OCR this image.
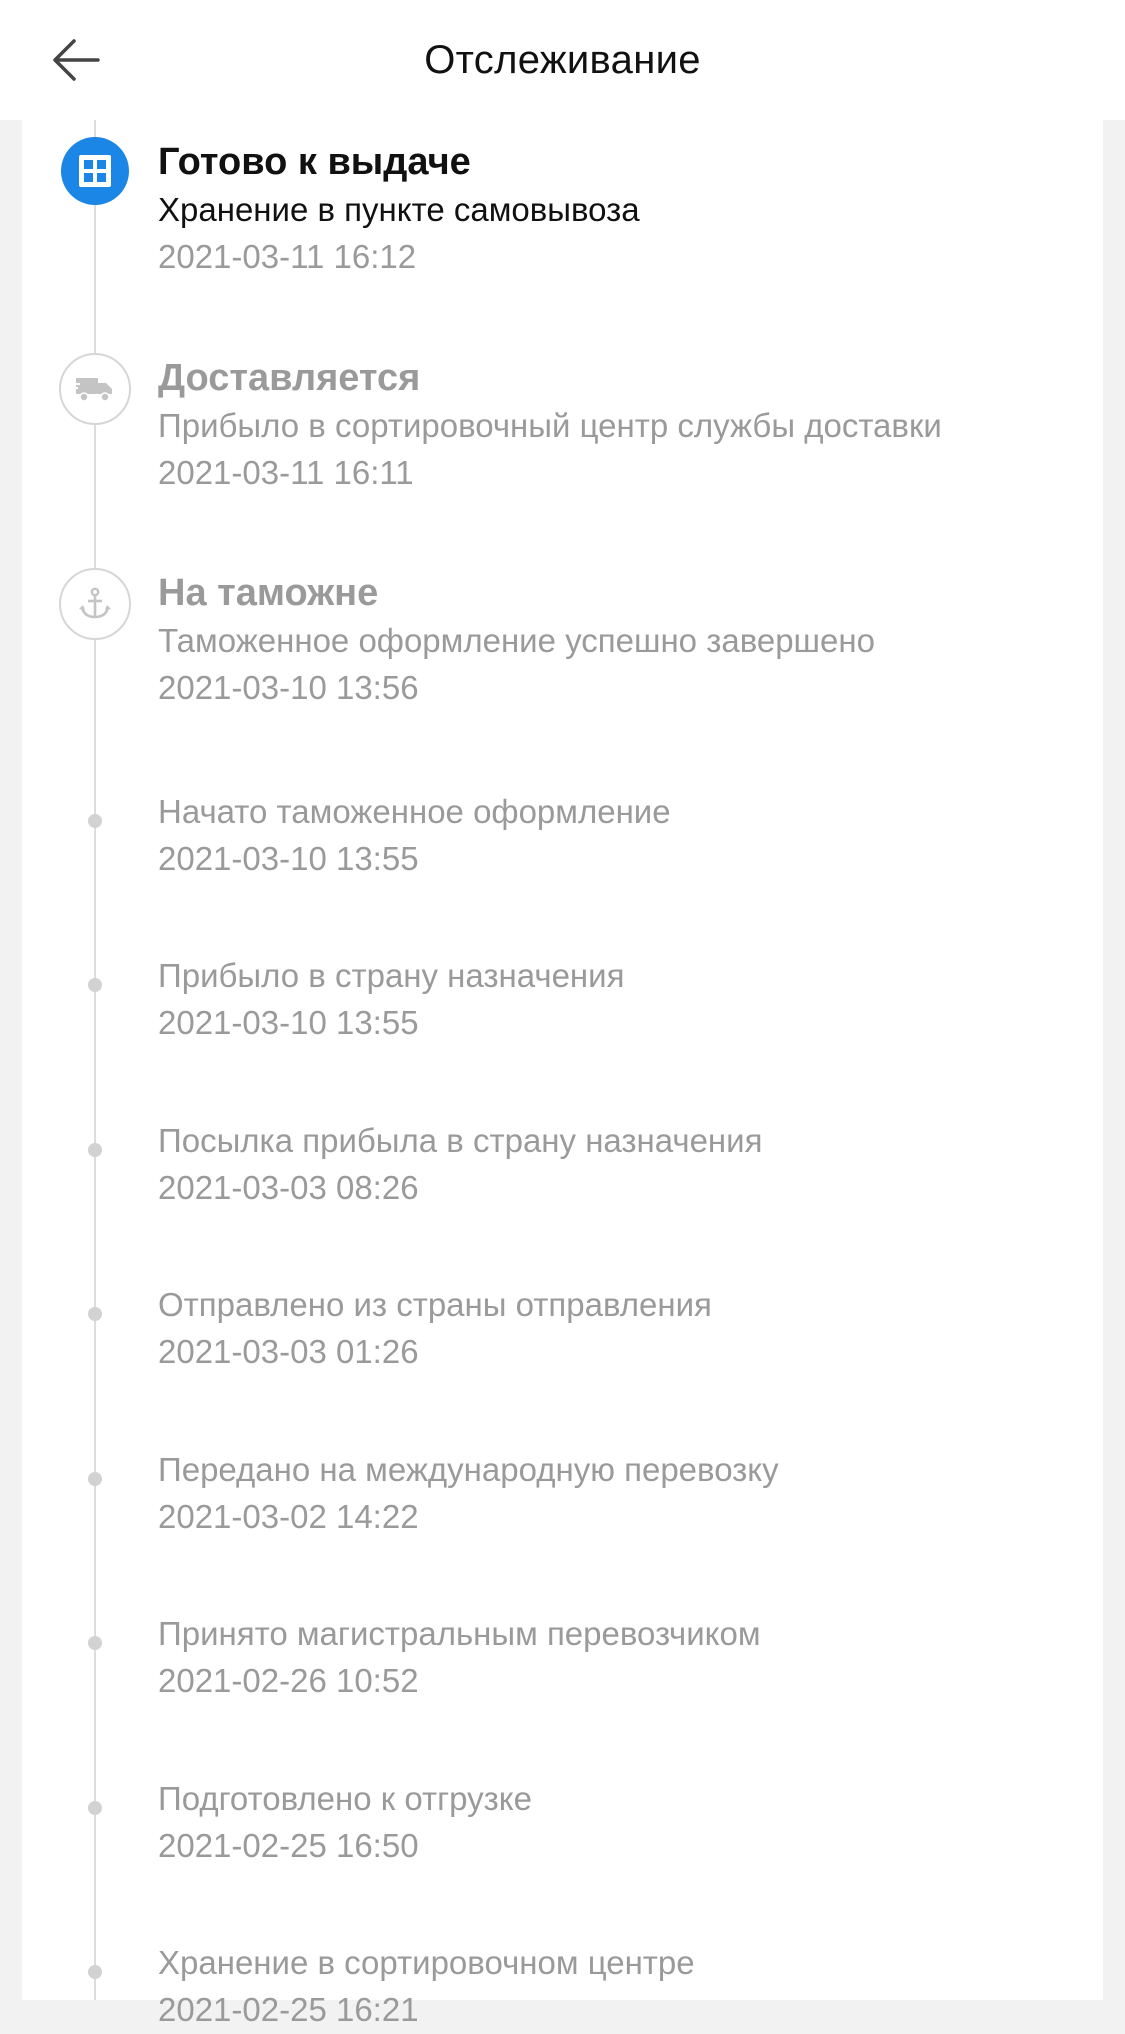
Отслеживание
Готово к выдаче
Хранение в пункте самовывоза
2021-03-11 16:12
Доставляется
Прибыло в сортировочный центр службы доставки
2021-03-11 16:11
На таможне
Таможенное оформление успешно завершено
2021-03-10 13:56
Начато таможенное оформление
2021-03-10 13:55
Прибыло в страну назначения
2021-03-10 13:55
Посылка прибыла в страну назначения
2021-03-03 08:26
Отправлено из страны отправления
2021-03-03 01:26
Передано на международную перевозку
2021-03-02 14:22
Принято магистральным перевозчиком
2021-02-26 10:52
Подготовлено к отгрузке
2021-02-25 16:50
Хранение в сортировочном центре
2021-02-25 16:21
